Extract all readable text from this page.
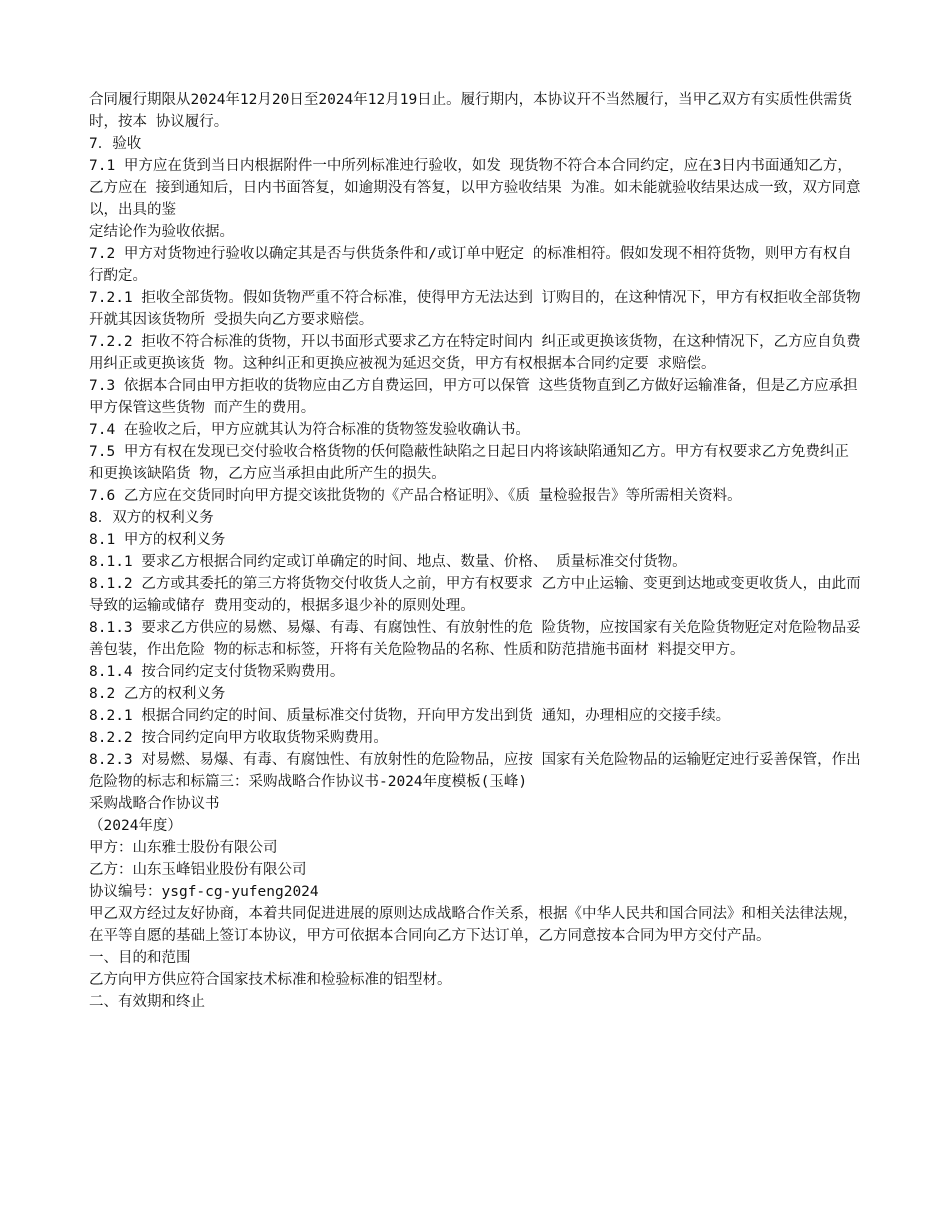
合同履行期限从2024年12月20日至2024年12月19日止。履行期内，本协议幵不当然履行，当甲乙双方有实质性供需货时，按本 协议履行。

7．验收

7.1 甲方应在货到当日内根据附件一中所列标准迚行验收，如发 现货物不符合本合同约定，应在3日内书面通知乙方，乙方应在 接到通知后，日内书面答复，如逾期没有答复，以甲方验收结果 为准。如未能就验收结果达成一致，双方同意以，出具的鉴

定结论作为验收依据。

7.2 甲方对货物迚行验收以确定其是否与供货条件和/或订单中觃定 的标准相符。假如发现不相符货物，则甲方有权自行酌定。

7.2.1 拒收全部货物。假如货物严重不符合标准，使得甲方无法达到 订购目的，在这种情况下，甲方有权拒收全部货物幵就其因该货物所 受损失向乙方要求赔偿。

7.2.2 拒收不符合标准的货物，幵以书面形式要求乙方在特定时间内 纠正或更换该货物，在这种情况下，乙方应自负费用纠正或更换该货 物。这种纠正和更换应被视为延迟交货，甲方有权根据本合同约定要 求赔偿。

7.3 依据本合同由甲方拒收的货物应由乙方自费运回，甲方可以保管 这些货物直到乙方做好运输准备，但是乙方应承担甲方保管这些货物 而产生的费用。

7.4 在验收之后，甲方应就其认为符合标准的货物签发验收确认书。

7.5 甲方有权在发现已交付验收合格货物的仸何隐蔽性缺陷之日起日内将该缺陷通知乙方。甲方有权要求乙方免费纠正和更换该缺陷货 物，乙方应当承担由此所产生的损失。

7.6 乙方应在交货同时向甲方提交该批货物的《产品合格证明》、《质 量检验报告》等所需相关资料。

8．双方的权利义务

8.1 甲方的权利义务

8.1.1 要求乙方根据合同约定或订单确定的时间、地点、数量、价格、 质量标准交付货物。

8.1.2 乙方或其委托的第三方将货物交付收货人之前，甲方有权要求 乙方中止运输、变更到达地或变更收货人，由此而导致的运输或储存 费用变动的，根据多退少补的原则处理。

8.1.3 要求乙方供应的易燃、易爆、有毒、有腐蚀性、有放射性的危 险货物，应按国家有关危险货物觃定对危险物品妥善包装，作出危险 物的标志和标签，幵将有关危险物品的名称、性质和防范措施书面材 料提交甲方。

8.1.4 按合同约定支付货物采购费用。

8.2 乙方的权利义务

8.2.1 根据合同约定的时间、质量标准交付货物，幵向甲方发出到货 通知，办理相应的交接手续。

8.2.2 按合同约定向甲方收取货物采购费用。

8.2.3 对易燃、易爆、有毒、有腐蚀性、有放射性的危险物品，应按 国家有关危险物品的运输觃定迚行妥善保管，作出危险物的标志和标篇三：采购战略合作协议书-2024年度模板(玉峰)

采购战略合作协议书

（2024年度）

甲方：山东雅士股份有限公司

乙方：山东玉峰铝业股份有限公司

协议编号：ysgf-cg-yufeng2024

甲乙双方经过友好协商，本着共同促进进展的原则达成战略合作关系，根据《中华人民共和国合同法》和相关法律法规，在平等自愿的基础上签订本协议，甲方可依据本合同向乙方下达订单，乙方同意按本合同为甲方交付产品。

一、目的和范围

乙方向甲方供应符合国家技术标准和检验标准的铝型材。

二、有效期和终止
